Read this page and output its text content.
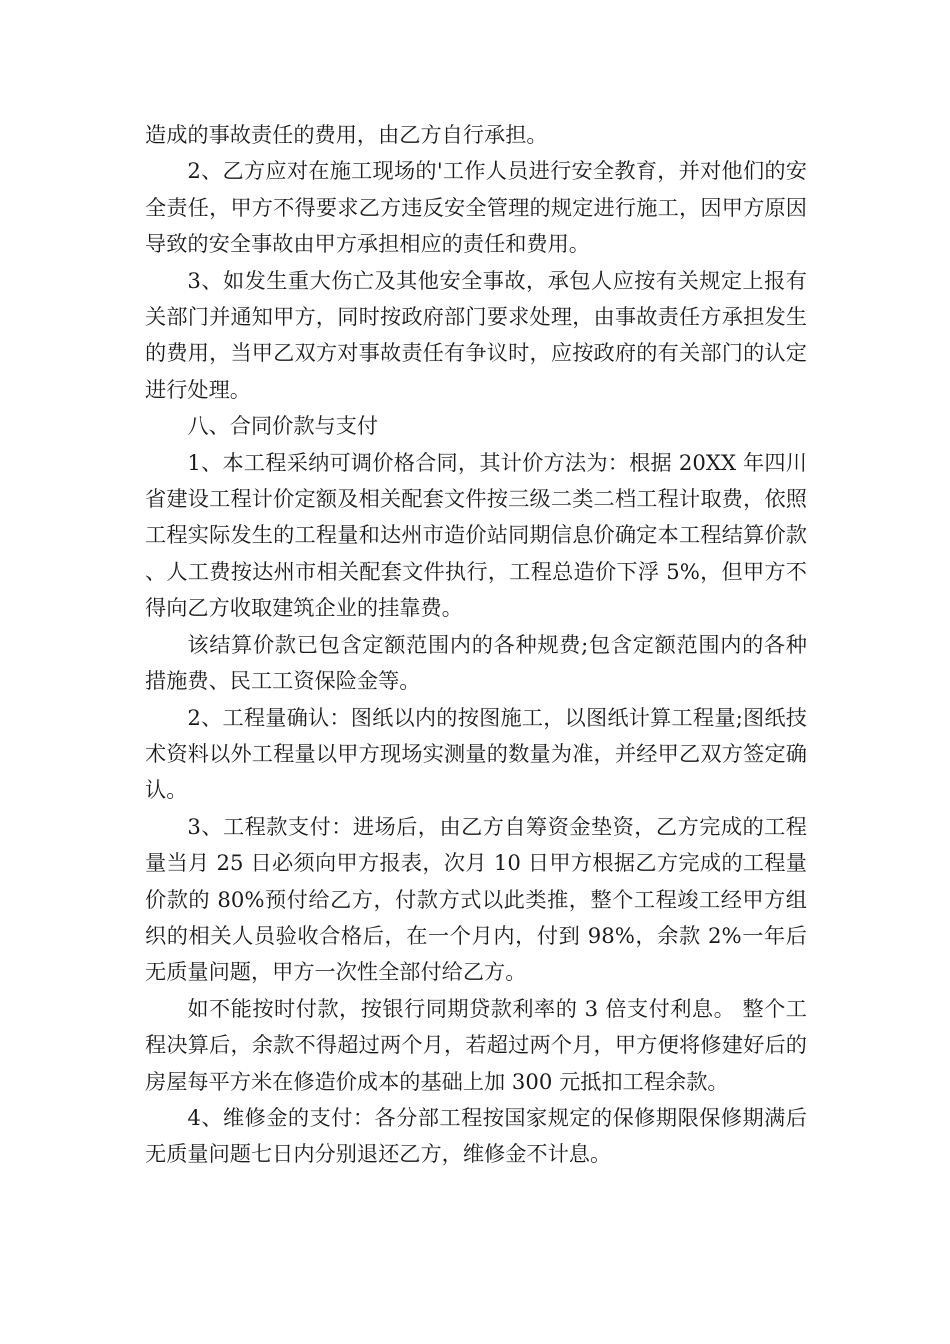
造成的事故责任的费用，由乙方自行承担。

2、乙方应对在施工现场的'工作人员进行安全教育，并对他们的安全责任，甲方不得要求乙方违反安全管理的规定进行施工，因甲方原因导致的安全事故由甲方承担相应的责任和费用。

3、如发生重大伤亡及其他安全事故，承包人应按有关规定上报有关部门并通知甲方，同时按政府部门要求处理，由事故责任方承担发生的费用，当甲乙双方对事故责任有争议时，应按政府的有关部门的认定进行处理。

八、合同价款与支付

1、本工程采纳可调价格合同，其计价方法为：根据 20XX 年四川省建设工程计价定额及相关配套文件按三级二类二档工程计取费，依照工程实际发生的工程量和达州市造价站同期信息价确定本工程结算价款、人工费按达州市相关配套文件执行，工程总造价下浮 5%，但甲方不得向乙方收取建筑企业的挂靠费。

该结算价款已包含定额范围内的各种规费;包含定额范围内的各种措施费、民工工资保险金等。

2、工程量确认：图纸以内的按图施工，以图纸计算工程量;图纸技术资料以外工程量以甲方现场实测量的数量为准，并经甲乙双方签定确认。

3、工程款支付：进场后，由乙方自筹资金垫资，乙方完成的工程量当月 25 日必须向甲方报表，次月 10 日甲方根据乙方完成的工程量价款的 80%预付给乙方，付款方式以此类推，整个工程竣工经甲方组织的相关人员验收合格后，在一个月内，付到 98%，余款 2%一年后无质量问题，甲方一次性全部付给乙方。

如不能按时付款，按银行同期贷款利率的 3 倍支付利息。 整个工程决算后，余款不得超过两个月，若超过两个月，甲方便将修建好后的房屋每平方米在修造价成本的基础上加 300 元抵扣工程余款。

4、维修金的支付：各分部工程按国家规定的保修期限保修期满后无质量问题七日内分别退还乙方，维修金不计息。
